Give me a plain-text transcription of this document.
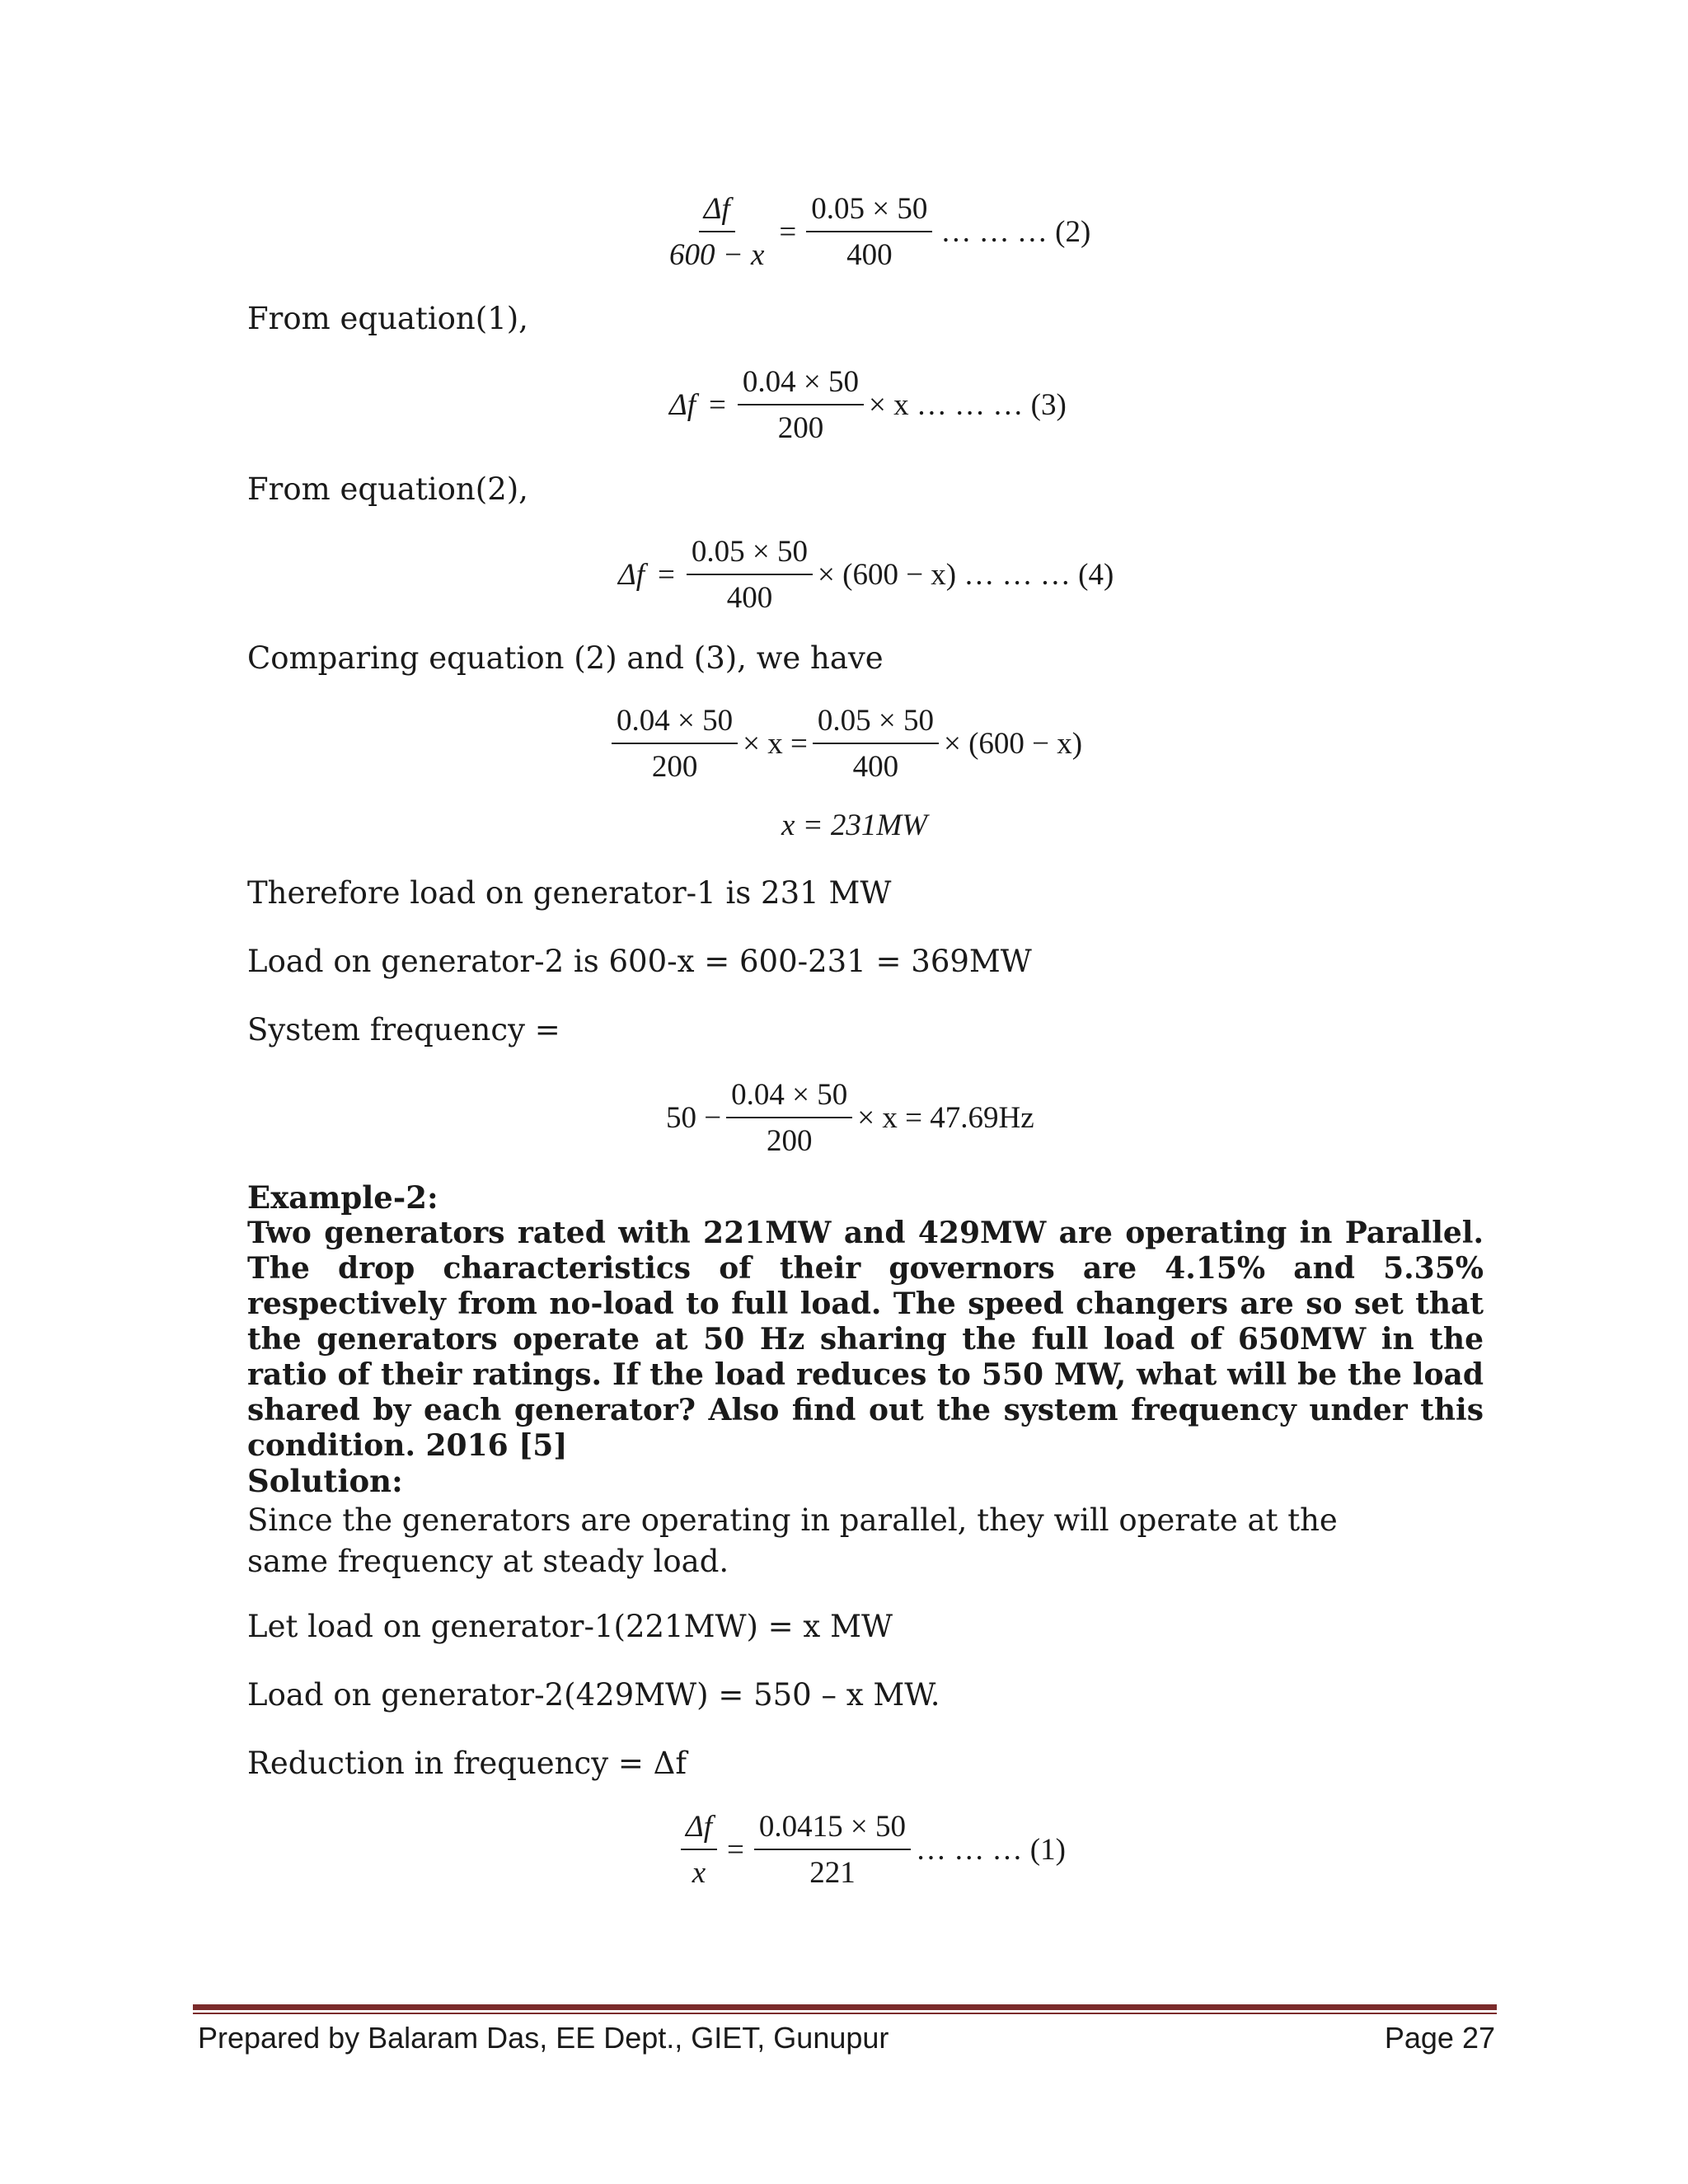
$\frac{\Delta f}{600 - x} = \frac{0.05 \times 50}{400}$ … … … (2)
From equation(1),
$\Delta f = \frac{0.04 \times 50}{200} \times x$ … … … (3)
From equation(2),
$\Delta f = \frac{0.05 \times 50}{400} \times (600 - x)$ … … … (4)
Comparing equation (2) and (3), we have
$\frac{0.04 \times 50}{200} \times x = \frac{0.05 \times 50}{400} \times (600 - x)$
x = 231MW
Therefore load on generator-1 is 231 MW
Load on generator-2 is 600-x = 600-231 = 369MW
System frequency =
$50 - \frac{0.04 \times 50}{200} \times x = 47.69Hz$
Example-2:
Two generators rated with 221MW and 429MW are operating in Parallel. The drop characteristics of their governors are 4.15% and 5.35% respectively from no-load to full load. The speed changers are so set that the generators operate at 50 Hz sharing the full load of 650MW in the ratio of their ratings. If the load reduces to 550 MW, what will be the load shared by each generator? Also find out the system frequency under this condition. 2016 [5]
Solution:
Since the generators are operating in parallel, they will operate at the same frequency at steady load.
Let load on generator-1(221MW) = x MW
Load on generator-2(429MW) = 550 – x MW.
Reduction in frequency = Δf
$\frac{\Delta f}{x} = \frac{0.0415 \times 50}{221}$ … … … (1)
Prepared by Balaram Das, EE Dept., GIET, Gunupur	Page 27
